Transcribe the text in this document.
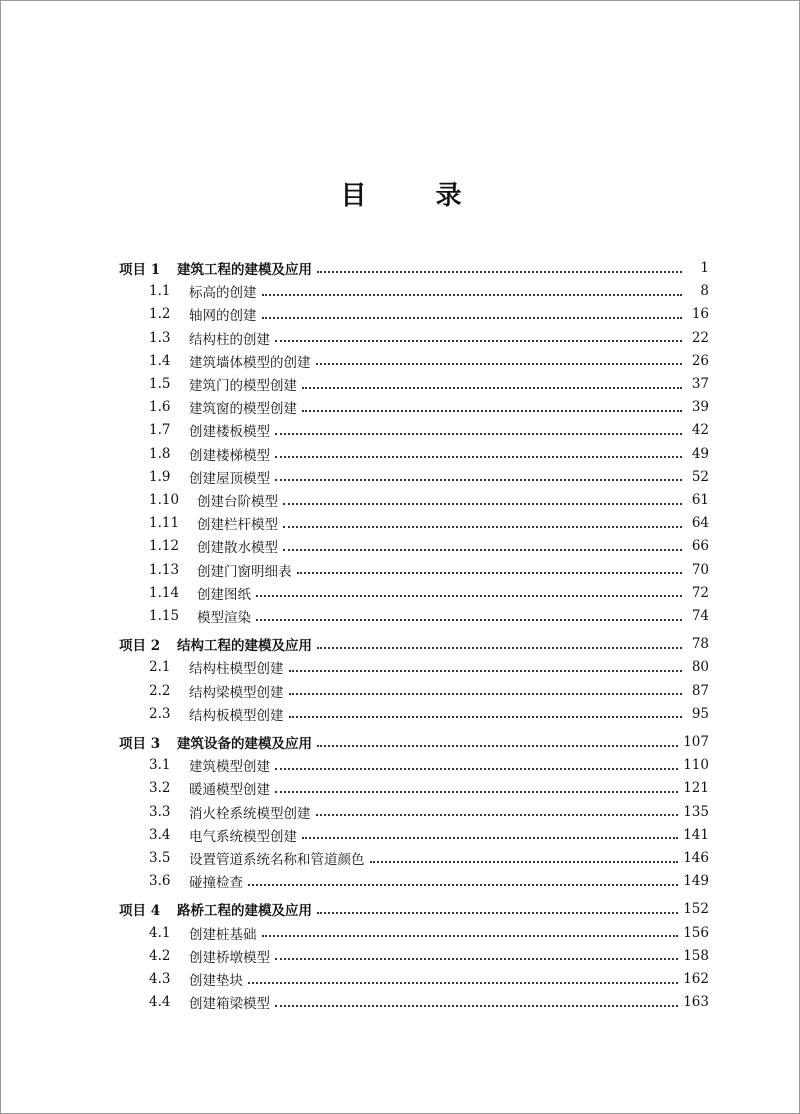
目 录
项目 1	建筑工程的建模及应用	1
1.1	标高的创建	8
1.2	轴网的创建	16
1.3	结构柱的创建	22
1.4	建筑墙体模型的创建	26
1.5	建筑门的模型创建	37
1.6	建筑窗的模型创建	39
1.7	创建楼板模型	42
1.8	创建楼梯模型	49
1.9	创建屋顶模型	52
1.10	创建台阶模型	61
1.11	创建栏杆模型	64
1.12	创建散水模型	66
1.13	创建门窗明细表	70
1.14	创建图纸	72
1.15	模型渲染	74
项目 2	结构工程的建模及应用	78
2.1	结构柱模型创建	80
2.2	结构梁模型创建	87
2.3	结构板模型创建	95
项目 3	建筑设备的建模及应用	107
3.1	建筑模型创建	110
3.2	暖通模型创建	121
3.3	消火栓系统模型创建	135
3.4	电气系统模型创建	141
3.5	设置管道系统名称和管道颜色	146
3.6	碰撞检查	149
项目 4	路桥工程的建模及应用	152
4.1	创建桩基础	156
4.2	创建桥墩模型	158
4.3	创建垫块	162
4.4	创建箱梁模型	163
